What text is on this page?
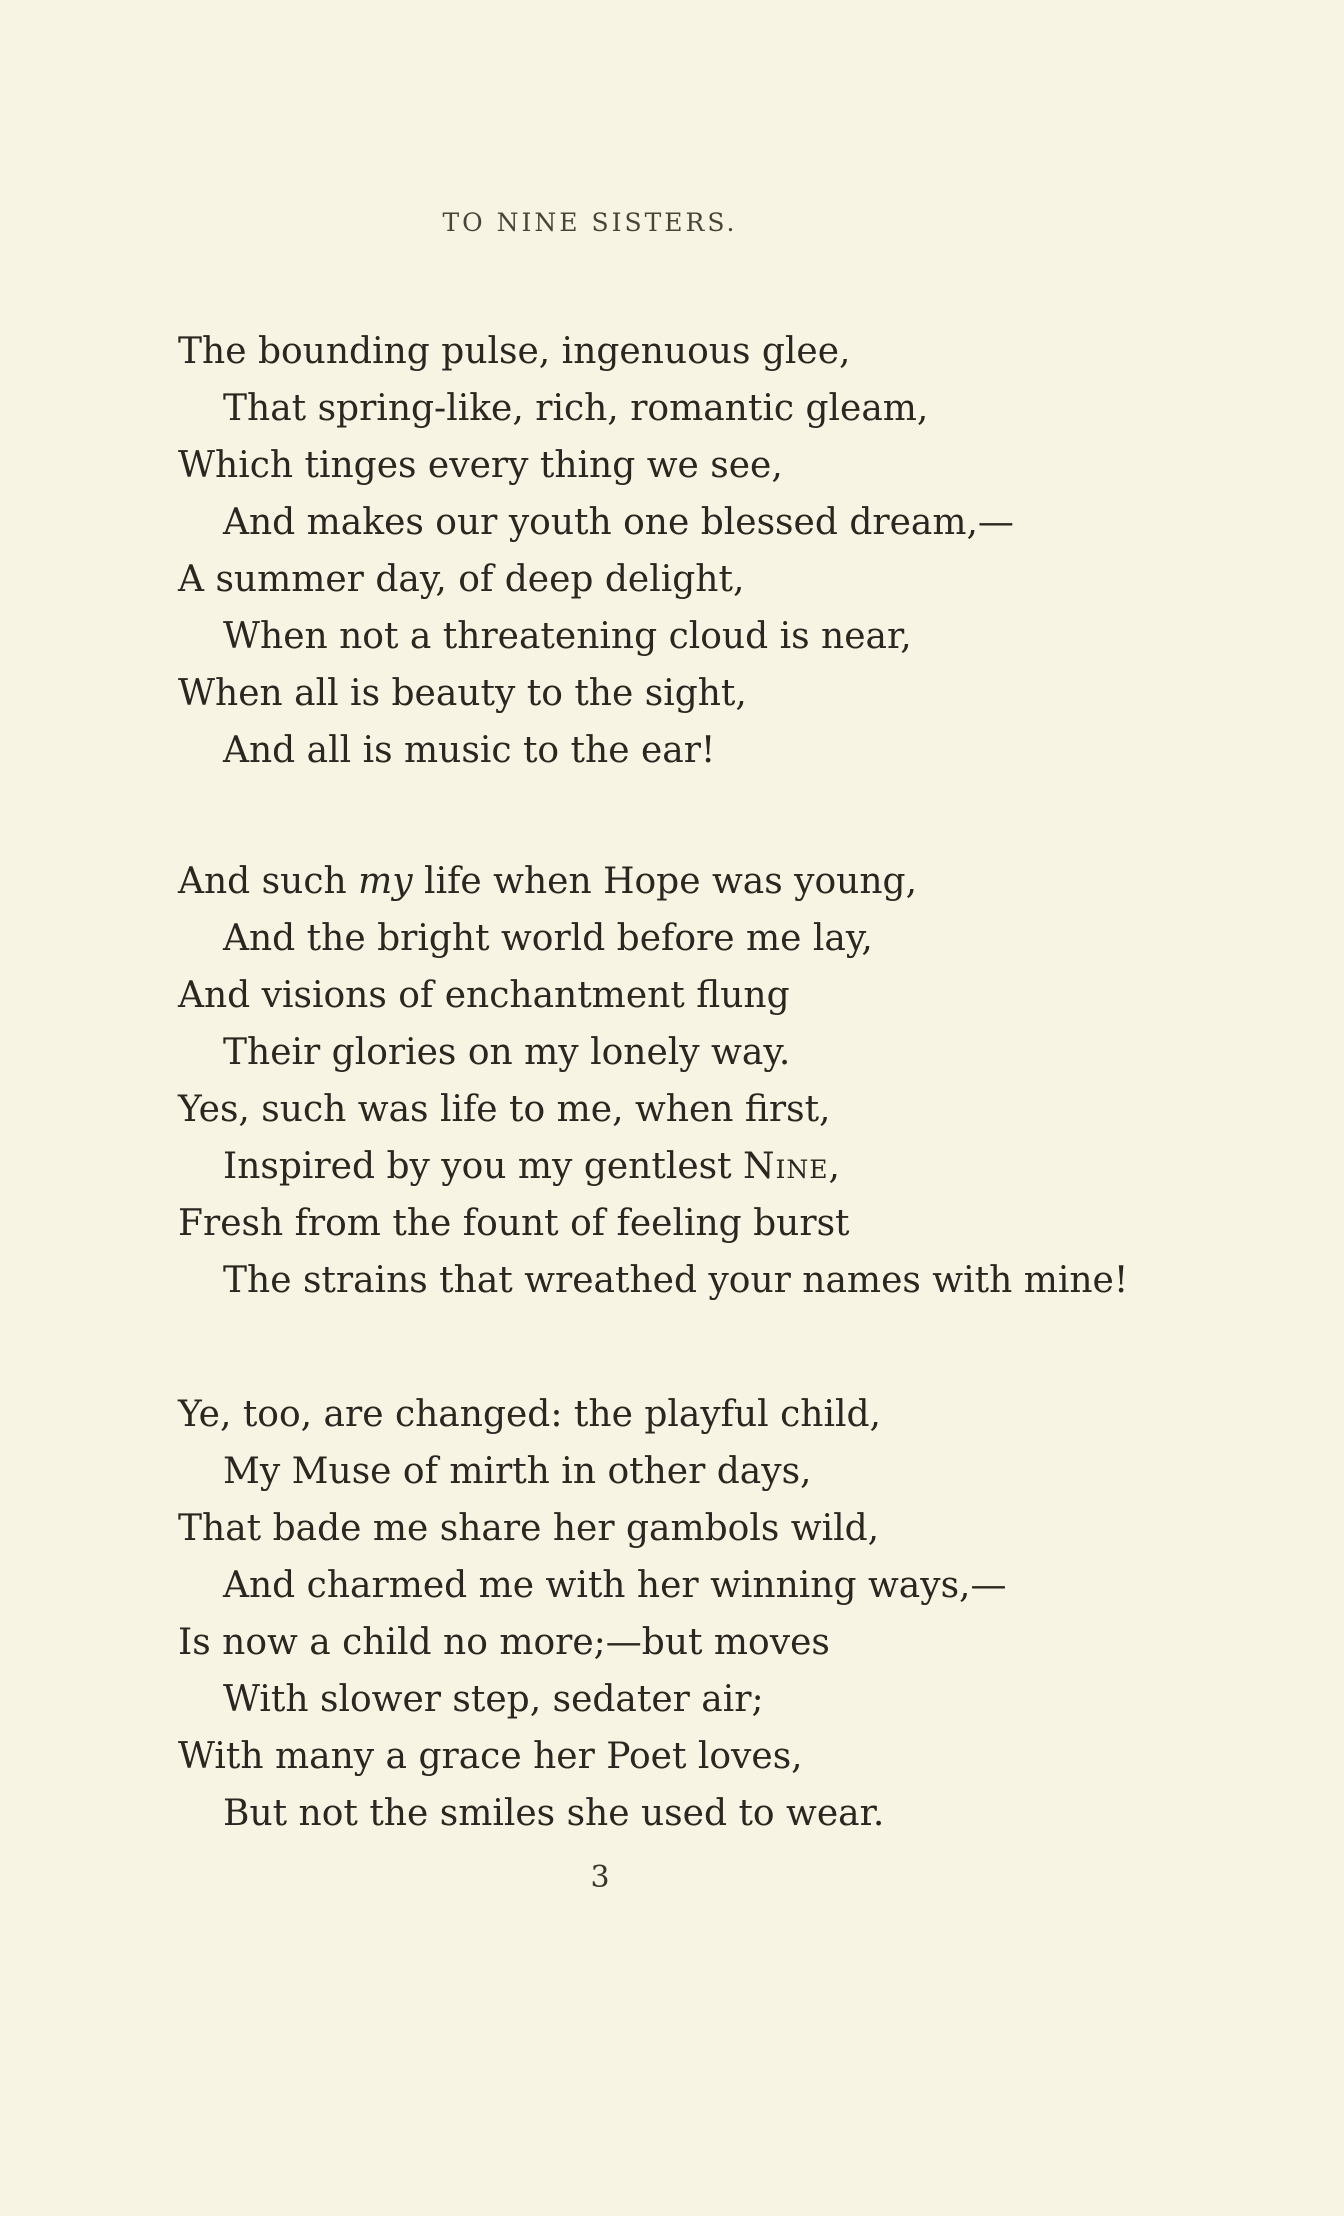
TO NINE SISTERS.
The bounding pulse, ingenuous glee,
That spring-like, rich, romantic gleam,
Which tinges every thing we see,
And makes our youth one blessed dream,—
A summer day, of deep delight,
When not a threatening cloud is near,
When all is beauty to the sight,
And all is music to the ear!
And such my life when Hope was young,
And the bright world before me lay,
And visions of enchantment flung
Their glories on my lonely way.
Yes, such was life to me, when first,
Inspired by you my gentlest Nine,
Fresh from the fount of feeling burst
The strains that wreathed your names with mine!
Ye, too, are changed: the playful child,
My Muse of mirth in other days,
That bade me share her gambols wild,
And charmed me with her winning ways,—
Is now a child no more;—but moves
With slower step, sedater air;
With many a grace her Poet loves,
But not the smiles she used to wear.
3
